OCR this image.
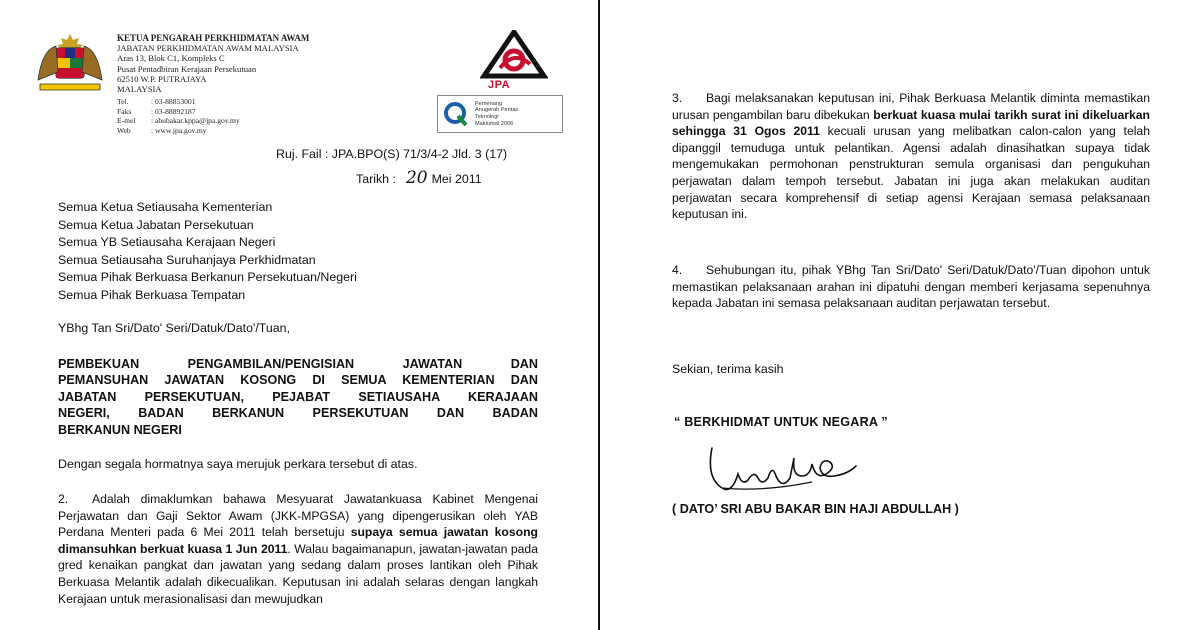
KETUA PENGARAH PERKHIDMATAN AWAM
JABATAN PERKHIDMATAN AWAM MALAYSIA
Aras 13, Blok C1, Kompleks C
Pusat Pentadbiran Kerajaan Persekutuan
62510 W.P. PUTRAJAYA
MALAYSIA
Tel.	: 03-88853001
Faks	: 03-88892187
E-mel	: abubakar.kppa@jpa.gov.my
Web	: www.jpa.gov.my
JPA
Pemenang
Anugerah Pentas
Teknologi
Maklumat 2006
Ruj. Fail : JPA.BPO(S) 71/3/4-2 Jld. 3 (17)
Tarikh : 20 Mei 2011
Semua Ketua Setiausaha Kementerian
Semua Ketua Jabatan Persekutuan
Semua YB Setiausaha Kerajaan Negeri
Semua Setiausaha Suruhanjaya Perkhidmatan
Semua Pihak Berkuasa Berkanun Persekutuan/Negeri
Semua Pihak Berkuasa Tempatan
YBhg Tan Sri/Dato' Seri/Datuk/Dato'/Tuan,
PEMBEKUAN PENGAMBILAN/PENGISIAN JAWATAN DAN
PEMANSUHAN JAWATAN KOSONG DI SEMUA KEMENTERIAN DAN
JABATAN PERSEKUTUAN, PEJABAT SETIAUSAHA KERAJAAN
NEGERI, BADAN BERKANUN PERSEKUTUAN DAN BADAN
BERKANUN NEGERI
Dengan segala hormatnya saya merujuk perkara tersebut di atas.
2. Adalah dimaklumkan bahawa Mesyuarat Jawatankuasa Kabinet Mengenai Perjawatan dan Gaji Sektor Awam (JKK-MPGSA) yang dipengerusikan oleh YAB Perdana Menteri pada 6 Mei 2011 telah bersetuju supaya semua jawatan kosong dimansuhkan berkuat kuasa 1 Jun 2011. Walau bagaimanapun, jawatan-jawatan pada gred kenaikan pangkat dan jawatan yang sedang dalam proses lantikan oleh Pihak Berkuasa Melantik adalah dikecualikan. Keputusan ini adalah selaras dengan langkah Kerajaan untuk merasionalisasi dan mewujudkan
3. Bagi melaksanakan keputusan ini, Pihak Berkuasa Melantik diminta memastikan urusan pengambilan baru dibekukan berkuat kuasa mulai tarikh surat ini dikeluarkan sehingga 31 Ogos 2011 kecuali urusan yang melibatkan calon-calon yang telah dipanggil temuduga untuk pelantikan. Agensi adalah dinasihatkan supaya tidak mengemukakan permohonan penstrukturan semula organisasi dan pengukuhan perjawatan dalam tempoh tersebut. Jabatan ini juga akan melakukan auditan perjawatan secara komprehensif di setiap agensi Kerajaan semasa pelaksanaan keputusan ini.
4. Sehubungan itu, pihak YBhg Tan Sri/Dato' Seri/Datuk/Dato'/Tuan dipohon untuk memastikan pelaksanaan arahan ini dipatuhi dengan memberi kerjasama sepenuhnya kepada Jabatan ini semasa pelaksanaan auditan perjawatan tersebut.
Sekian, terima kasih
“ BERKHIDMAT UNTUK NEGARA ”
( DATO’ SRI ABU BAKAR BIN HAJI ABDULLAH )
